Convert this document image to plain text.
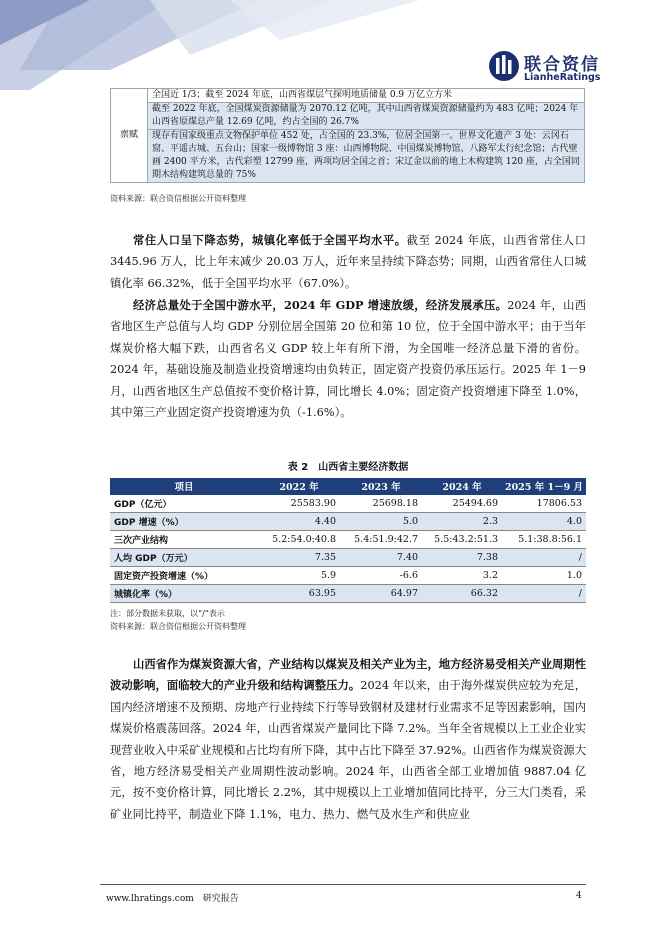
联合资信
LianheRatings
禀赋	全国近 1/3；截至 2024 年底，山西省煤层气探明地质储量 0.9 万亿立方米
截至 2022 年底，全国煤炭资源储量为 2070.12 亿吨，其中山西省煤炭资源储量约为 483 亿吨；2024 年山西省原煤总产量 12.69 亿吨，约占全国的 26.7%
现存有国家级重点文物保护单位 452 处，占全国的 23.3%，位居全国第一。世界文化遗产 3 处：云冈石窟、平遥古城、五台山；国家一级博物馆 3 座：山西博物院、中国煤炭博物馆、八路军太行纪念馆；古代壁画 2400 平方米，古代彩塑 12799 座，两项均居全国之首；宋辽金以前的地上木构建筑 120 座，占全国同期木结构建筑总量的 75%
资料来源：联合资信根据公开资料整理
常住人口呈下降态势，城镇化率低于全国平均水平。截至 2024 年底，山西省常住人口 3445.96 万人，比上年末减少 20.03 万人，近年来呈持续下降态势；同期，山西省常住人口城镇化率 66.32%，低于全国平均水平（67.0%）。
经济总量处于全国中游水平，2024 年 GDP 增速放缓，经济发展承压。2024 年，山西省地区生产总值与人均 GDP 分别位居全国第 20 位和第 10 位，位于全国中游水平；由于当年煤炭价格大幅下跌，山西省名义 GDP 较上年有所下滑，为全国唯一经济总量下滑的省份。2024 年，基础设施及制造业投资增速均由负转正，固定资产投资仍承压运行。2025 年 1－9 月，山西省地区生产总值按不变价格计算，同比增长 4.0%；固定资产投资增速下降至 1.0%，其中第三产业固定资产投资增速为负（-1.6%）。
表 2　山西省主要经济数据
项目	2022 年	2023 年	2024 年	2025 年 1－9 月
GDP（亿元）	25583.90	25698.18	25494.69	17806.53
GDP 增速（%）	4.40	5.0	2.3	4.0
三次产业结构	5.2:54.0:40.8	5.4:51.9:42.7	5.5:43.2:51.3	5.1:38.8:56.1
人均 GDP（万元）	7.35	7.40	7.38	/
固定资产投资增速（%）	5.9	-6.6	3.2	1.0
城镇化率（%）	63.95	64.97	66.32	/
注：部分数据未获取，以“/”表示
资料来源：联合资信根据公开资料整理
山西省作为煤炭资源大省，产业结构以煤炭及相关产业为主，地方经济易受相关产业周期性波动影响，面临较大的产业升级和结构调整压力。2024 年以来，由于海外煤炭供应较为充足，国内经济增速不及预期、房地产行业持续下行等导致钢材及建材行业需求不足等因素影响，国内煤炭价格震荡回落。2024 年，山西省煤炭产量同比下降 7.2%。当年全省规模以上工业企业实现营业收入中采矿业规模和占比均有所下降，其中占比下降至 37.92%。山西省作为煤炭资源大省，地方经济易受相关产业周期性波动影响。2024 年，山西省全部工业增加值 9887.04 亿元，按不变价格计算，同比增长 2.2%，其中规模以上工业增加值同比持平，分三大门类看，采矿业同比持平，制造业下降 1.1%，电力、热力、燃气及水生产和供应业
www.lhratings.com　研究报告	4
